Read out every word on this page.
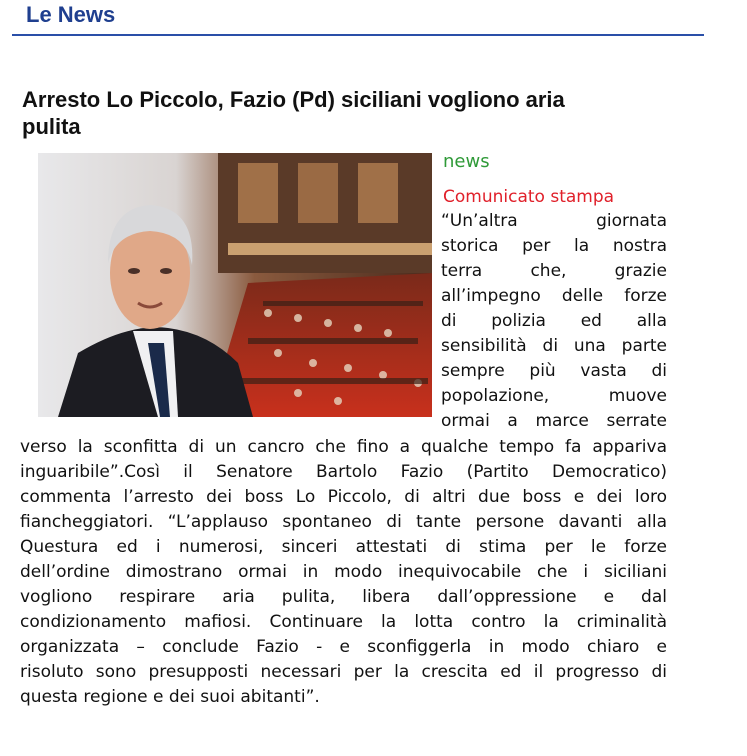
Le News
Arresto Lo Piccolo, Fazio (Pd) siciliani vogliono aria
pulita
news
Comunicato stampa
“Un’altra giornata
storica per la nostra
terra che, grazie
all’impegno delle forze
di polizia ed alla
sensibilità di una parte
sempre più vasta di
popolazione, muove
ormai a marce serrate
verso la sconfitta di un cancro che fino a qualche tempo fa appariva
inguaribile”.Così il Senatore Bartolo Fazio (Partito Democratico)
commenta l’arresto dei boss Lo Piccolo, di altri due boss e dei loro
fiancheggiatori. “L’applauso spontaneo di tante persone davanti alla
Questura ed i numerosi, sinceri attestati di stima per le forze
dell’ordine dimostrano ormai in modo inequivocabile che i siciliani
vogliono respirare aria pulita, libera dall’oppressione e dal
condizionamento mafiosi. Continuare la lotta contro la criminalità
organizzata – conclude Fazio - e sconfiggerla in modo chiaro e
risoluto sono presupposti necessari per la crescita ed il progresso di
questa regione e dei suoi abitanti”.
